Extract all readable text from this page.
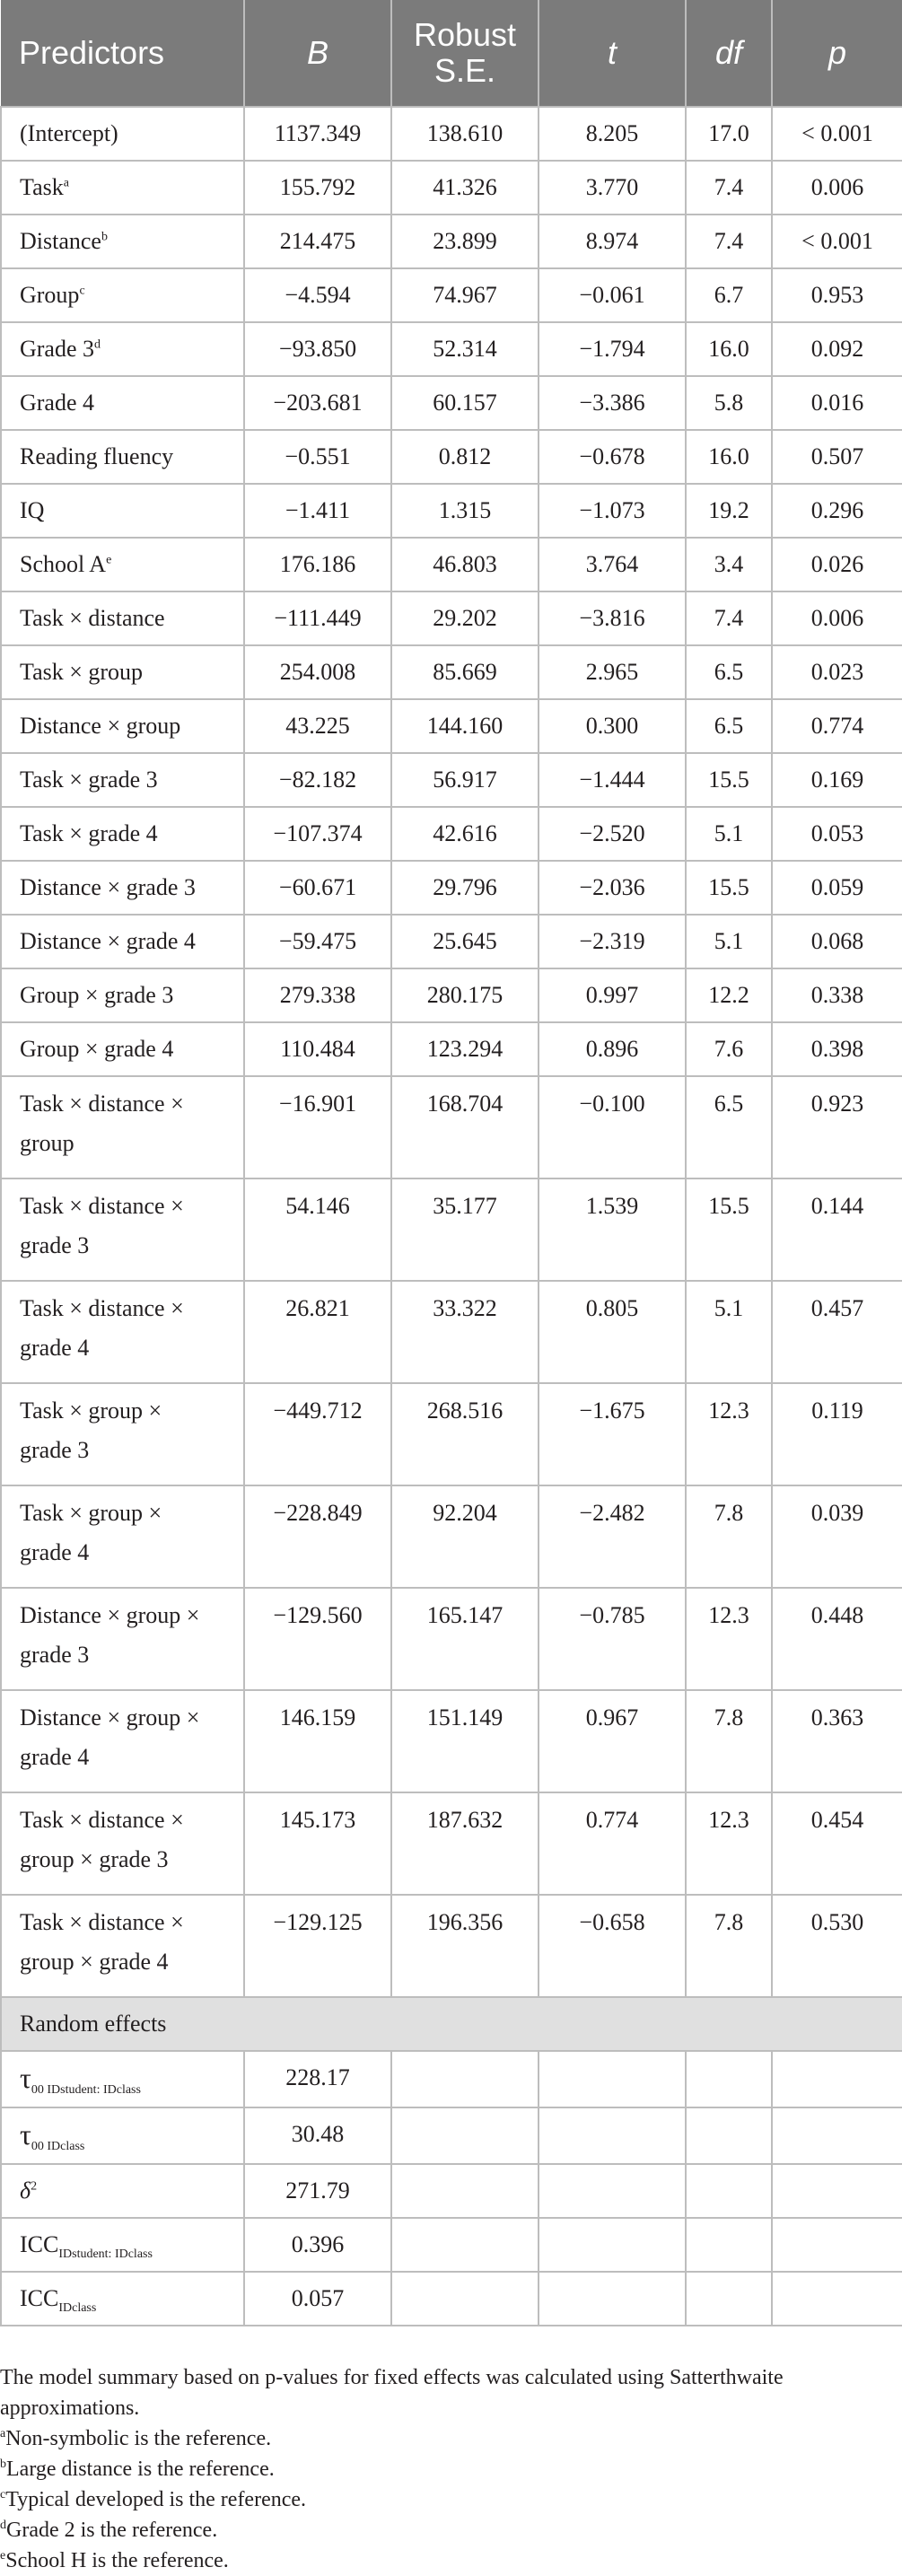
Predictors	B	Robust S.E.	t	df	p
(Intercept)	1137.349	138.610	8.205	17.0	< 0.001
Task$^a$	155.792	41.326	3.770	7.4	0.006
Distance$^b$	214.475	23.899	8.974	7.4	< 0.001
Group$^c$	−4.594	74.967	−0.061	6.7	0.953
Grade $3^d$	−93.850	52.314	−1.794	16.0	0.092
Grade 4	−203.681	60.157	−3.386	5.8	0.016
Reading fluency	−0.551	0.812	−0.678	16.0	0.507
IQ	−1.411	1.315	−1.073	19.2	0.296
School $A^e$	176.186	46.803	3.764	3.4	0.026
Task × distance	−111.449	29.202	−3.816	7.4	0.006
Task × group	254.008	85.669	2.965	6.5	0.023
Distance × group	43.225	144.160	0.300	6.5	0.774
Task × grade 3	−82.182	56.917	−1.444	15.5	0.169
Task × grade 4	−107.374	42.616	−2.520	5.1	0.053
Distance × grade 3	−60.671	29.796	−2.036	15.5	0.059
Distance × grade 4	−59.475	25.645	−2.319	5.1	0.068
Group × grade 3	279.338	280.175	0.997	12.2	0.338
Group × grade 4	110.484	123.294	0.896	7.6	0.398

Task × distance ×
group	−16.901	168.704	−0.100	6.5	0.923

Task × distance ×
grade 3	54.146	35.177	1.539	15.5	0.144

Task × distance ×
grade 4	26.821	33.322	0.805	5.1	0.457

Task × group ×
grade 3	−449.712	268.516	−1.675	12.3	0.119

Task × group ×
grade 4	−228.849	92.204	−2.482	7.8	0.039

Distance × group ×
grade 3	−129.560	165.147	−0.785	12.3	0.448

Distance × group ×
grade 4	146.159	151.149	0.967	7.8	0.363

Task × distance ×
group × grade 3	145.173	187.632	0.774	12.3	0.454

Task × distance ×
group × grade 4	−129.125	196.356	−0.658	7.8	0.530
Random effects					
$\tau_{00 IDstudent: IDclass}$	228.17				
$\tau_{00 IDclass}$	30.48				
$\delta^2$	271.79				
$ICC_{IDstudent: IDclass}$	0.396				
$ICC_{IDclass}$	0.057				

The model summary based on p-values for fixed effects was calculated using Satterthwaite approximations.

$^a$Non-symbolic is the reference.

$^b$Large distance is the reference.

$^c$Typical developed is the reference.

$^d$Grade 2 is the reference.

$^e$School H is the reference.
